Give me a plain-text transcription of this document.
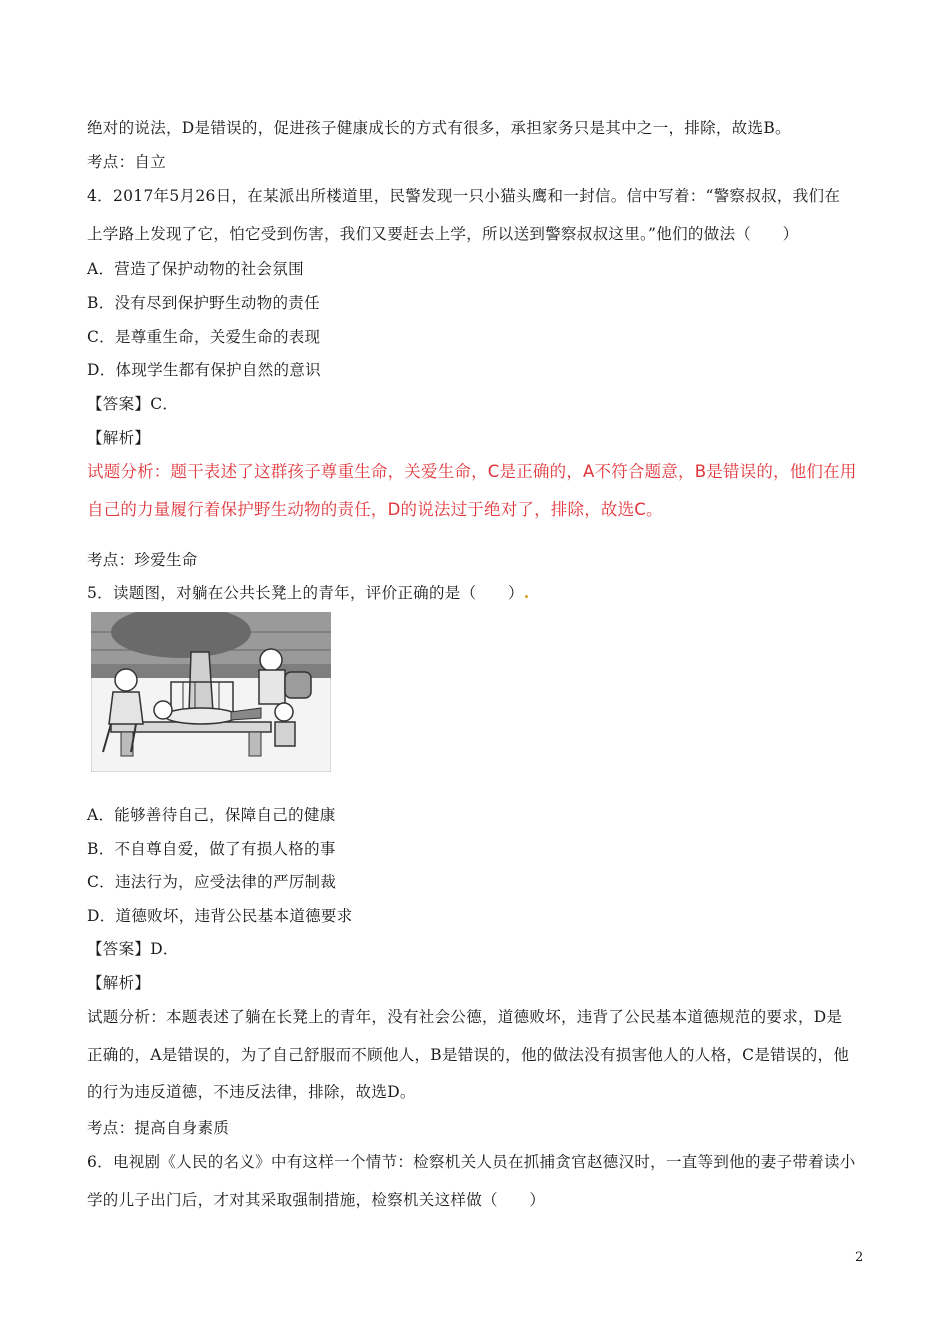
绝对的说法，D是错误的，促进孩子健康成长的方式有很多，承担家务只是其中之一，排除，故选B。
考点：自立
4．2017年5月26日，在某派出所楼道里，民警发现一只小猫头鹰和一封信。信中写着：“警察叔叔，我们在
上学路上发现了它，怕它受到伤害，我们又要赶去上学，所以送到警察叔叔这里。”他们的做法（　　）
A．营造了保护动物的社会氛围
B．没有尽到保护野生动物的责任
C．是尊重生命，关爱生命的表现
D．体现学生都有保护自然的意识
【答案】C．
【解析】
试题分析：题干表述了这群孩子尊重生命，关爱生命，C是正确的，A不符合题意，B是错误的，他们在用
自己的力量履行着保护野生动物的责任，D的说法过于绝对了，排除，故选C。
考点：珍爱生命
5．读题图，对躺在公共长凳上的青年，评价正确的是（　　）.
A．能够善待自己，保障自己的健康
B．不自尊自爱，做了有损人格的事
C．违法行为，应受法律的严厉制裁
D．道德败坏，违背公民基本道德要求
【答案】D．
【解析】
试题分析：本题表述了躺在长凳上的青年，没有社会公德，道德败坏，违背了公民基本道德规范的要求，D是
正确的，A是错误的，为了自己舒服而不顾他人，B是错误的，他的做法没有损害他人的人格，C是错误的，他
的行为违反道德，不违反法律，排除，故选D。
考点：提高自身素质
6．电视剧《人民的名义》中有这样一个情节：检察机关人员在抓捕贪官赵德汉时，一直等到他的妻子带着读小
学的儿子出门后，才对其采取强制措施，检察机关这样做（　　）
2
